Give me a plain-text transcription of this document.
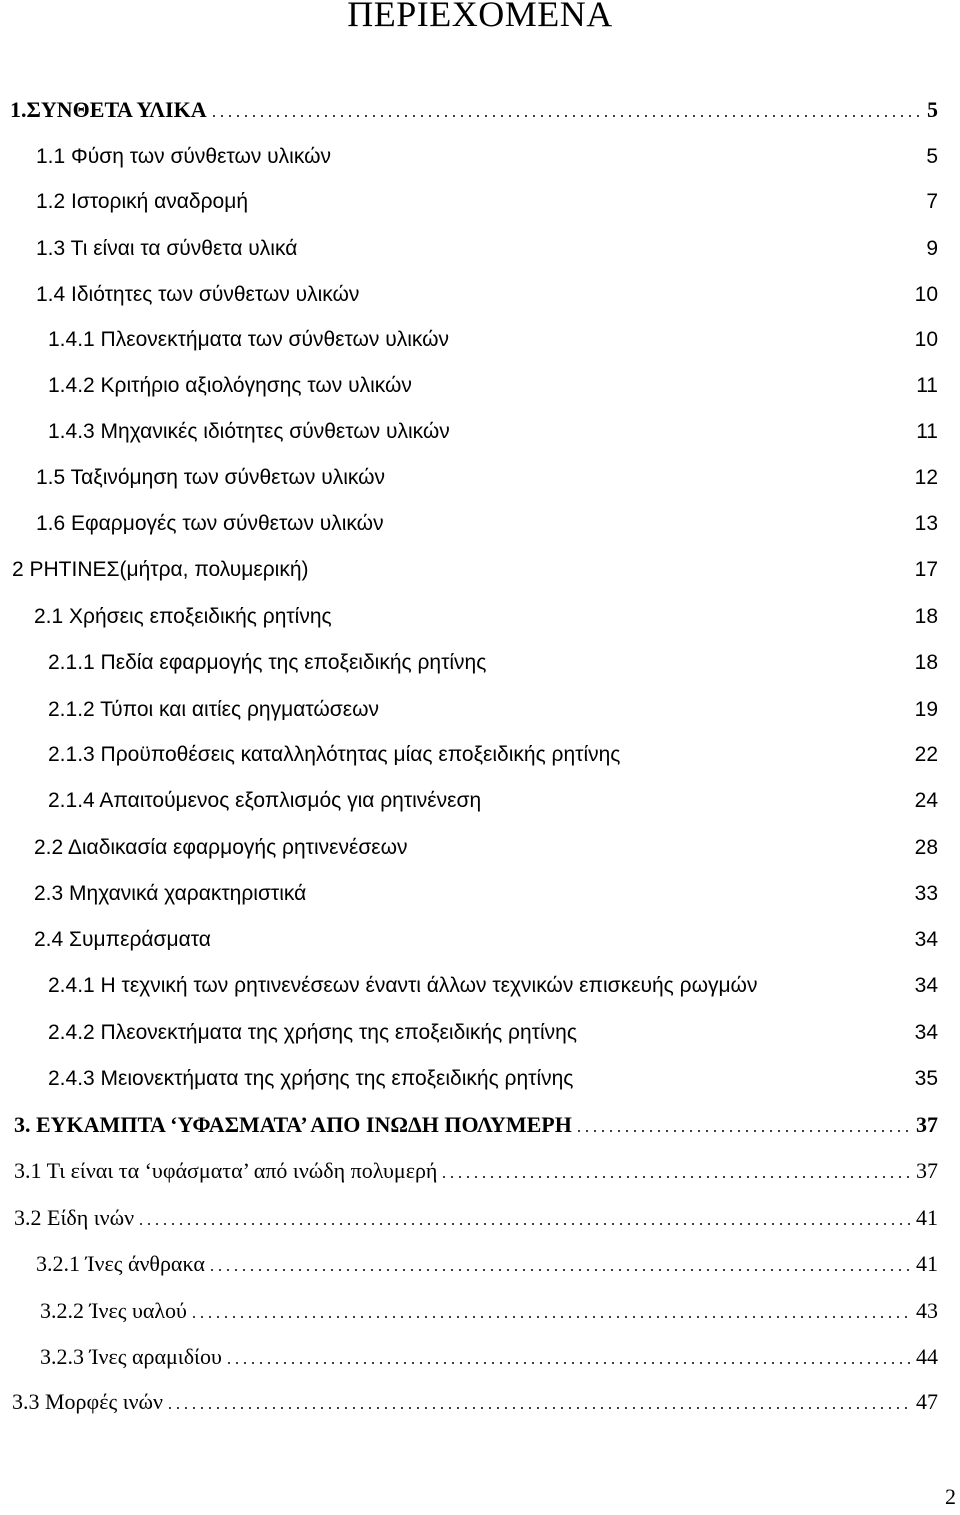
ΠΕΡΙΕΧΟΜΕΝΑ
1.ΣΥΝΘΕΤΑ ΥΛΙΚΑ	5
1.1 Φύση των σύνθετων υλικών	5
1.2 Ιστορική αναδρομή	7
1.3 Τι είναι τα σύνθετα υλικά	9
1.4 Ιδιότητες των σύνθετων υλικών	10
1.4.1 Πλεονεκτήματα των σύνθετων υλικών	10
1.4.2 Κριτήριο αξιολόγησης των υλικών	11
1.4.3 Μηχανικές ιδιότητες σύνθετων υλικών	11
1.5 Ταξινόμηση των σύνθετων υλικών	12
1.6 Εφαρμογές των σύνθετων υλικών	13
2 ΡΗΤΙΝΕΣ(μήτρα, πολυμερική)	17
2.1 Χρήσεις εποξειδικής ρητίνης	18
2.1.1 Πεδία εφαρμογής της εποξειδικής ρητίνης	18
2.1.2 Τύποι και αιτίες ρηγματώσεων	19
2.1.3 Προϋποθέσεις καταλληλότητας μίας εποξειδικής ρητίνης	22
2.1.4 Απαιτούμενος εξοπλισμός για ρητινένεση	24
2.2 Διαδικασία εφαρμογής ρητινενέσεων	28
2.3 Μηχανικά χαρακτηριστικά	33
2.4 Συμπεράσματα	34
2.4.1 Η τεχνική των ρητινενέσεων έναντι άλλων τεχνικών επισκευής ρωγμών	34
2.4.2 Πλεονεκτήματα της χρήσης της εποξειδικής ρητίνης	34
2.4.3 Μειονεκτήματα της χρήσης της εποξειδικής ρητίνης	35
3. ΕΥΚΑΜΠΤΑ ‘ΥΦΑΣΜΑΤΑ’ ΑΠΟ ΙΝΩΔΗ ΠΟΛΥΜΕΡΗ	37
3.1 Τι είναι τα ‘υφάσματα’ από ινώδη πολυμερή	37
3.2 Είδη ινών	41
3.2.1 Ίνες άνθρακα	41
3.2.2 Ίνες υαλού	43
3.2.3 Ίνες αραμιδίου	44
3.3 Μορφές ινών	47
2
